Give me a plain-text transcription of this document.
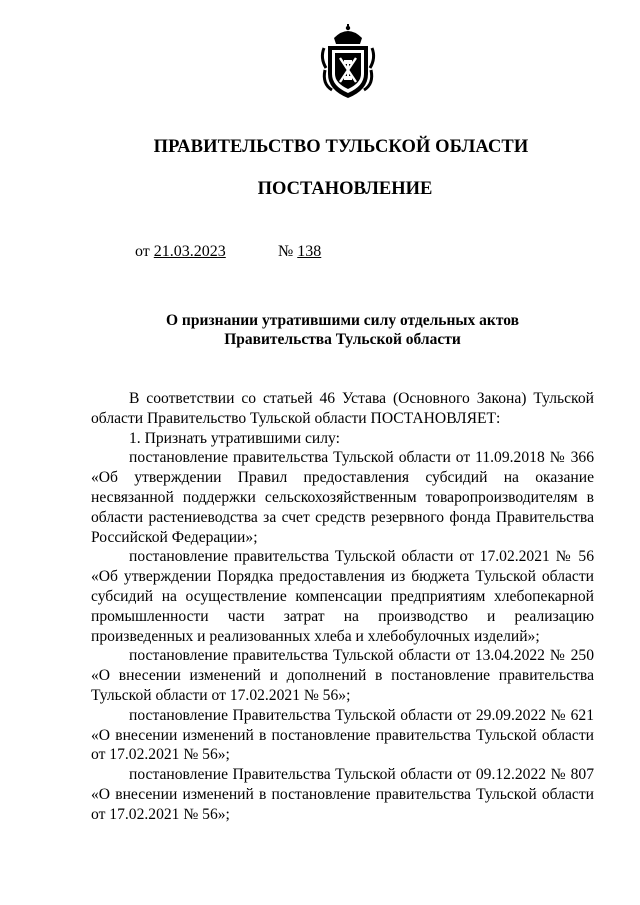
ПРАВИТЕЛЬСТВО ТУЛЬСКОЙ ОБЛАСТИ
ПОСТАНОВЛЕНИЕ
от 21.03.2023	№ 138
О признании утратившими силу отдельных актов
Правительства Тульской области

В соответствии со статьей 46 Устава (Основного Закона) Тульской области Правительство Тульской области ПОСТАНОВЛЯЕТ:

1. Признать утратившими силу:

постановление правительства Тульской области от 11.09.2018 № 366 «Об утверждении Правил предоставления субсидий на оказание несвязанной поддержки сельскохозяйственным товаропроизводителям в области растениеводства за счет средств резервного фонда Правительства Российской Федерации»;

постановление правительства Тульской области от 17.02.2021 № 56 «Об утверждении Порядка предоставления из бюджета Тульской области субсидий на осуществление компенсации предприятиям хлебопекарной промышленности части затрат на производство и реализацию произведенных и реализованных хлеба и хлебобулочных изделий»;

постановление правительства Тульской области от 13.04.2022 № 250 «О внесении изменений и дополнений в постановление правительства Тульской области от 17.02.2021 № 56»;

постановление Правительства Тульской области от 29.09.2022 № 621 «О внесении изменений в постановление правительства Тульской области от 17.02.2021 № 56»;

постановление Правительства Тульской области от 09.12.2022 № 807 «О внесении изменений в постановление правительства Тульской области от 17.02.2021 № 56»;
